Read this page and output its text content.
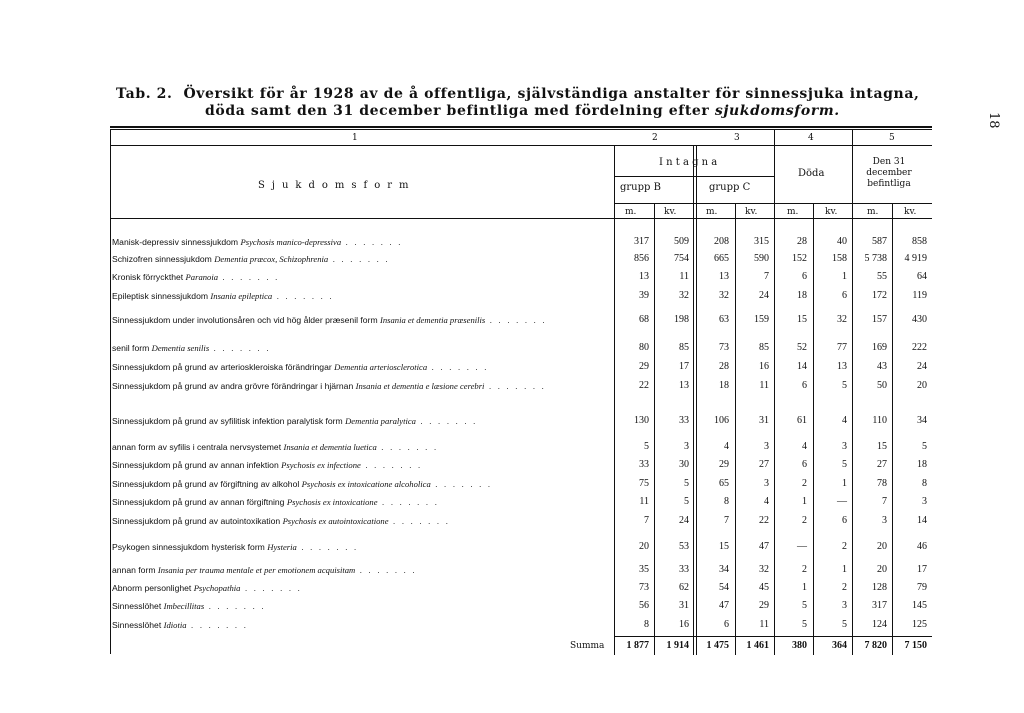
Tab. 2. Översikt för år 1928 av de å offentliga, självständiga anstalter för sinnessjuka intagna,
döda samt den 31 december befintliga med fördelning efter sjukdomsform.
18
1	2	3	4	5
Sjukdomsform
I n t a g n a
grupp B	grupp C
Döda
Den 31 december befintliga
m.	kv.	m.	kv.	m.	kv.	m.	kv.
Manisk-depressiv sinnessjukdom Psychosis manico-depressiva . . . . . . .	317	509	208	315	28	40	587	858
Schizofren sinnessjukdom Dementia præcox, Schizophrenia . . . . . . .	856	754	665	590	152	158	5 738	4 919
Kronisk förryckthet Paranoia . . . . . . .	13	11	13	7	6	1	55	64
Epileptisk sinnessjukdom Insania epileptica . . . . . . .	39	32	32	24	18	6	172	119
Sinnessjukdom under involutionsåren och vid hög ålder præsenil form Insania et dementia præsenilis . . . . . . .	68	198	63	159	15	32	157	430
senil form Dementia senilis . . . . . . .	80	85	73	85	52	77	169	222
Sinnessjukdom på grund av arterioskleroiska förändringar Dementia arteriosclerotica . . . . . . .	29	17	28	16	14	13	43	24
Sinnessjukdom på grund av andra grövre förändringar i hjärnan Insania et dementia e læsione cerebri . . . . . . .	22	13	18	11	6	5	50	20
Sinnessjukdom på grund av syfilitisk infektion paralytisk form Dementia paralytica . . . . . . .	130	33	106	31	61	4	110	34
annan form av syfilis i centrala nervsystemet Insania et dementia luetica . . . . . . .	5	3	4	3	4	3	15	5
Sinnessjukdom på grund av annan infektion Psychosis ex infectione . . . . . . .	33	30	29	27	6	5	27	18
Sinnessjukdom på grund av förgiftning av alkohol Psychosis ex intoxicatione alcoholica . . . . . . .	75	5	65	3	2	1	78	8
Sinnessjukdom på grund av annan förgiftning Psychosis ex intoxicatione . . . . . . .	11	5	8	4	1	—	7	3
Sinnessjukdom på grund av autointoxikation Psychosis ex autointoxicatione . . . . . . .	7	24	7	22	2	6	3	14
Psykogen sinnessjukdom hysterisk form Hysteria . . . . . . .	20	53	15	47	—	2	20	46
annan form Insania per trauma mentale et per emotionem acquisitam . . . . . . .	35	33	34	32	2	1	20	17
Abnorm personlighet Psychopathia . . . . . . .	73	62	54	45	1	2	128	79
Sinnesslöhet Imbecillitas . . . . . . .	56	31	47	29	5	3	317	145
Sinnesslöhet Idiotia . . . . . . .	8	16	6	11	5	5	124	125
Summa	1 877	1 914	1 475	1 461	380	364	7 820	7 150
